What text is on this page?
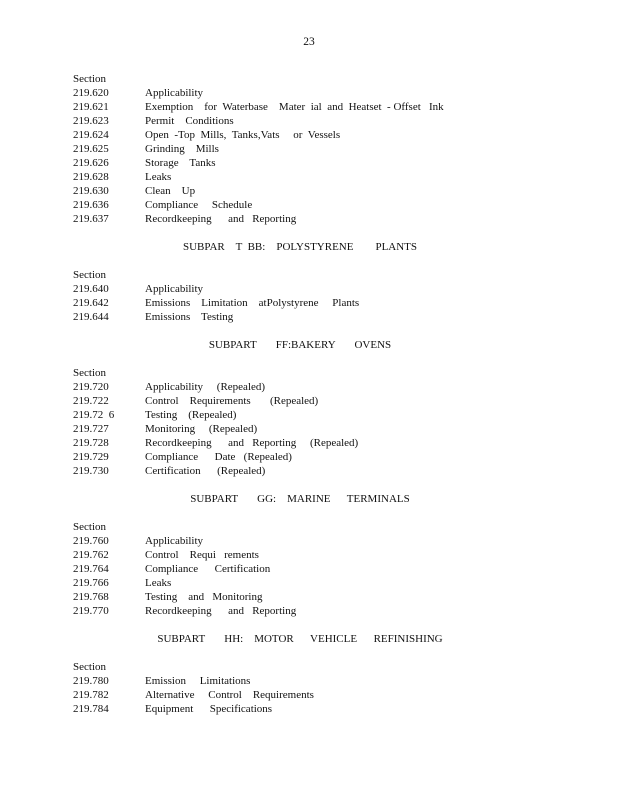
23
Section
219.620	Applicability
219.621	Exemption    for  Waterbase    Mater  ial  and  Heatset  - Offset   Ink
219.623	Permit    Conditions
219.624	Open  -Top  Mills,  Tanks,Vats     or  Vessels
219.625	Grinding    Mills
219.626	Storage    Tanks
219.628	Leaks
219.630	Clean    Up
219.636	Compliance     Schedule
219.637	Recordkeeping      and   Reporting
SUBPAR    T  BB:    POLYSTYRENE        PLANTS
Section
219.640	Applicability
219.642	Emissions    Limitation    atPolystyrene     Plants
219.644	Emissions    Testing
SUBPART       FF:BAKERY       OVENS
Section
219.720	Applicability     (Repealed)
219.722	Control    Requirements       (Repealed)
219.72  6	Testing    (Repealed)
219.727	Monitoring     (Repealed)
219.728	Recordkeeping      and   Reporting     (Repealed)
219.729	Compliance      Date   (Repealed)
219.730	Certification      (Repealed)
SUBPART       GG:    MARINE      TERMINALS
Section
219.760	Applicability
219.762	Control    Requi   rements
219.764	Compliance      Certification
219.766	Leaks
219.768	Testing    and   Monitoring
219.770	Recordkeeping      and   Reporting
SUBPART       HH:    MOTOR      VEHICLE      REFINISHING
Section
219.780	Emission     Limitations
219.782	Alternative     Control    Requirements
219.784	Equipment      Specifications
